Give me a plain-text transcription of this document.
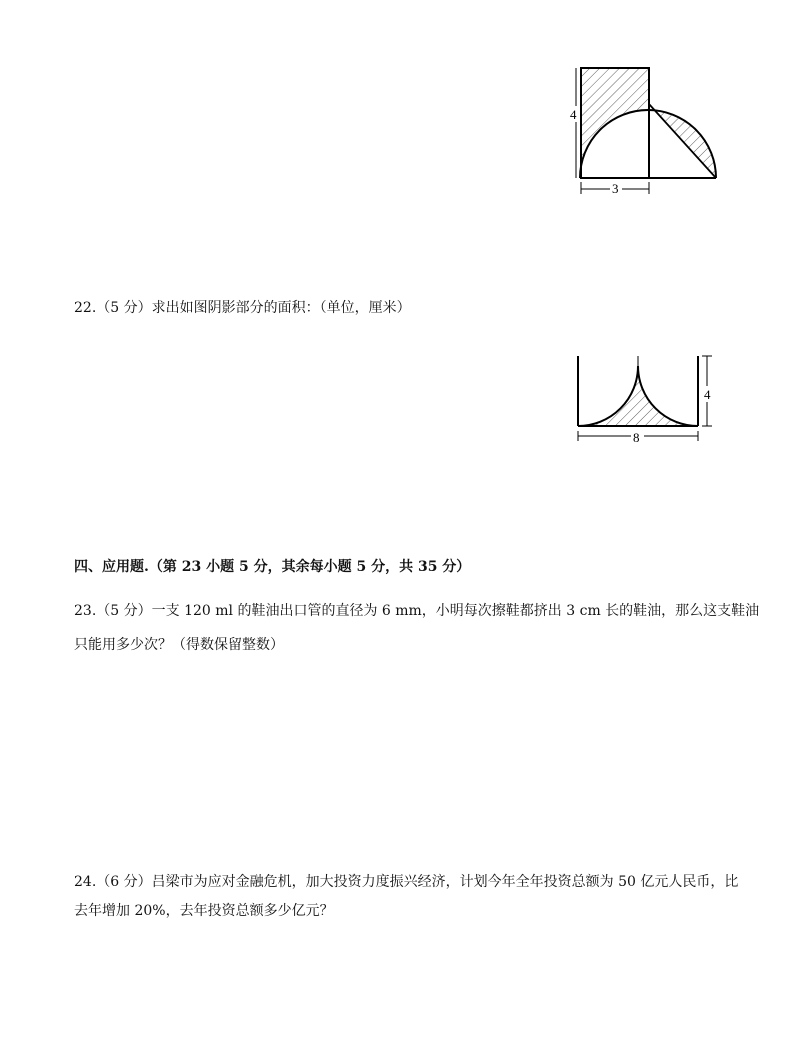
4
3
22.（5 分）求出如图阴影部分的面积：（单位，厘米）
4
8
四、应用题.（第 23 小题 5 分，其余每小题 5 分，共 35 分）
23.（5 分）一支 120 ml 的鞋油出口管的直径为 6 mm，小明每次擦鞋都挤出 3 cm 长的鞋油，那么这支鞋油
只能用多少次？（得数保留整数）
24.（6 分）吕梁市为应对金融危机，加大投资力度振兴经济，计划今年全年投资总额为 50 亿元人民币，比
去年增加 20%，去年投资总额多少亿元？
